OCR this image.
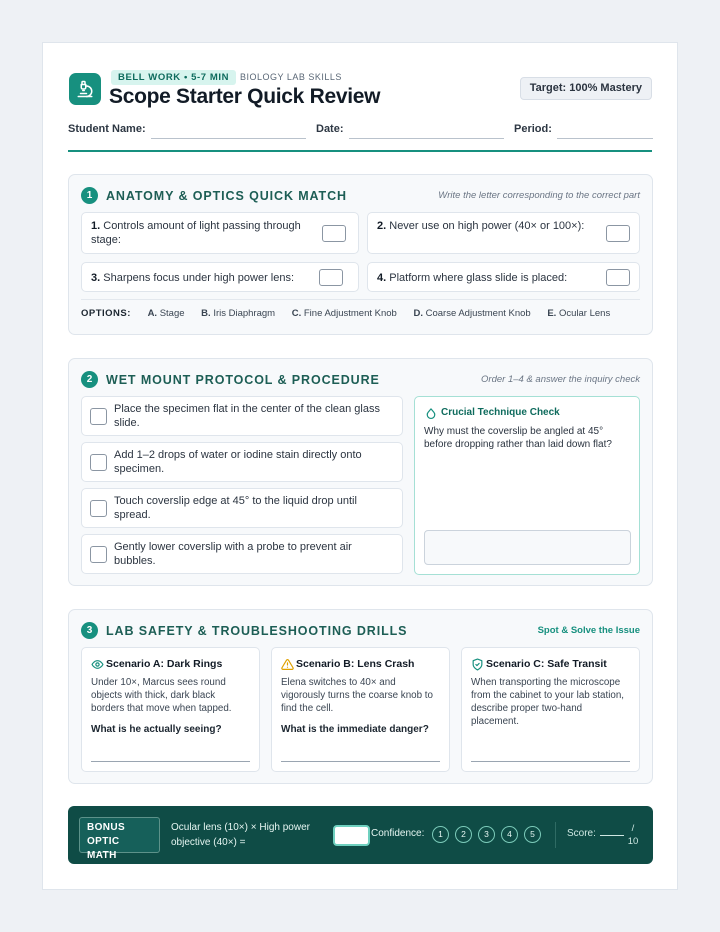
BELL WORK • 5-7 MIN	BIOLOGY LAB SKILLS
Scope Starter Quick Review	Target: 100% Mastery
Student Name:	Date:	Period:
1	ANATOMY & OPTICS QUICK MATCH	Write the letter corresponding to the correct part
1. Controls amount of light passing through stage:
2. Never use on high power (40× or 100×):
3. Sharpens focus under high power lens:	4. Platform where glass slide is placed:
OPTIONS: A. Stage B. Iris Diaphragm C. Fine Adjustment Knob D. Coarse Adjustment Knob E. Ocular Lens
2	WET MOUNT PROTOCOL & PROCEDURE	Order 1–4 & answer the inquiry check
Place the specimen flat in the center of the clean glass slide.
Add 1–2 drops of water or iodine stain directly onto specimen.
Touch coverslip edge at 45° to the liquid drop until spread.
Gently lower coverslip with a probe to prevent air bubbles.
Crucial Technique Check
Why must the coverslip be angled at 45° before dropping rather than laid down flat?
3	LAB SAFETY & TROUBLESHOOTING DRILLS	Spot & Solve the Issue
Scenario A: Dark Rings
Under 10×, Marcus sees round objects with thick, dark black borders that move when tapped.
What is he actually seeing?
Scenario B: Lens Crash
Elena switches to 40× and vigorously turns the coarse knob to find the cell.
What is the immediate danger?
Scenario C: Safe Transit
When transporting the microscope from the cabinet to your lab station, describe proper two-hand placement.
BONUS OPTIC MATH
Ocular lens (10×) × High power objective (40×) =
Confidence:	1	2	3	4	5	Score:	/
10
